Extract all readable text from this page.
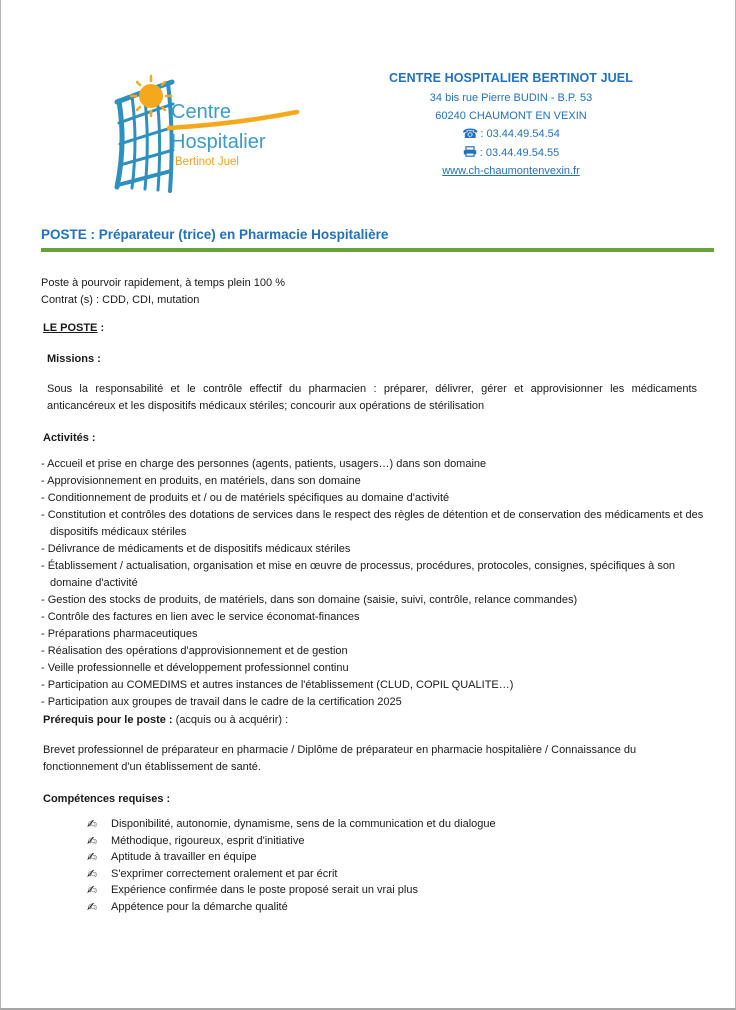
Centre
Hospitalier
Bertinot Juel
CENTRE HOSPITALIER BERTINOT JUEL
34 bis rue Pierre BUDIN - B.P. 53
60240 CHAUMONT EN VEXIN
☎ : 03.44.49.54.54
: 03.44.49.54.55
www.ch-chaumontenvexin.fr
POSTE : Préparateur (trice) en Pharmacie Hospitalière
Poste à pourvoir rapidement, à temps plein 100 %
Contrat (s) : CDD, CDI, mutation
LE POSTE :
Missions :
Sous la responsabilité et le contrôle effectif du pharmacien : préparer, délivrer, gérer et approvisionner les médicaments anticancéreux et les dispositifs médicaux stériles; concourir aux opérations de stérilisation
Activités :
- Accueil et prise en charge des personnes (agents, patients, usagers…) dans son domaine
- Approvisionnement en produits, en matériels, dans son domaine
- Conditionnement de produits et / ou de matériels spécifiques au domaine d'activité
- Constitution et contrôles des dotations de services dans le respect des règles de détention et de conservation des médicaments et des dispositifs médicaux stériles
- Délivrance de médicaments et de dispositifs médicaux stériles
- Établissement / actualisation, organisation et mise en œuvre de processus, procédures, protocoles, consignes, spécifiques à son domaine d'activité
- Gestion des stocks de produits, de matériels, dans son domaine (saisie, suivi, contrôle, relance commandes)
- Contrôle des factures en lien avec le service économat-finances
- Préparations pharmaceutiques
- Réalisation des opérations d'approvisionnement et de gestion
- Veille professionnelle et développement professionnel continu
- Participation au COMEDIMS et autres instances de l'établissement (CLUD, COPIL QUALITE…)
- Participation aux groupes de travail dans le cadre de la certification 2025
Prérequis pour le poste : (acquis ou à acquérir) :
Brevet professionnel de préparateur en pharmacie / Diplôme de préparateur en pharmacie hospitalière / Connaissance du fonctionnement d'un établissement de santé.
Compétences requises :
✍	Disponibilité, autonomie, dynamisme, sens de la communication et du dialogue
✍	Méthodique, rigoureux, esprit d'initiative
✍	Aptitude à travailler en équipe
✍	S'exprimer correctement oralement et par écrit
✍	Expérience confirmée dans le poste proposé serait un vrai plus
✍	Appétence pour la démarche qualité
